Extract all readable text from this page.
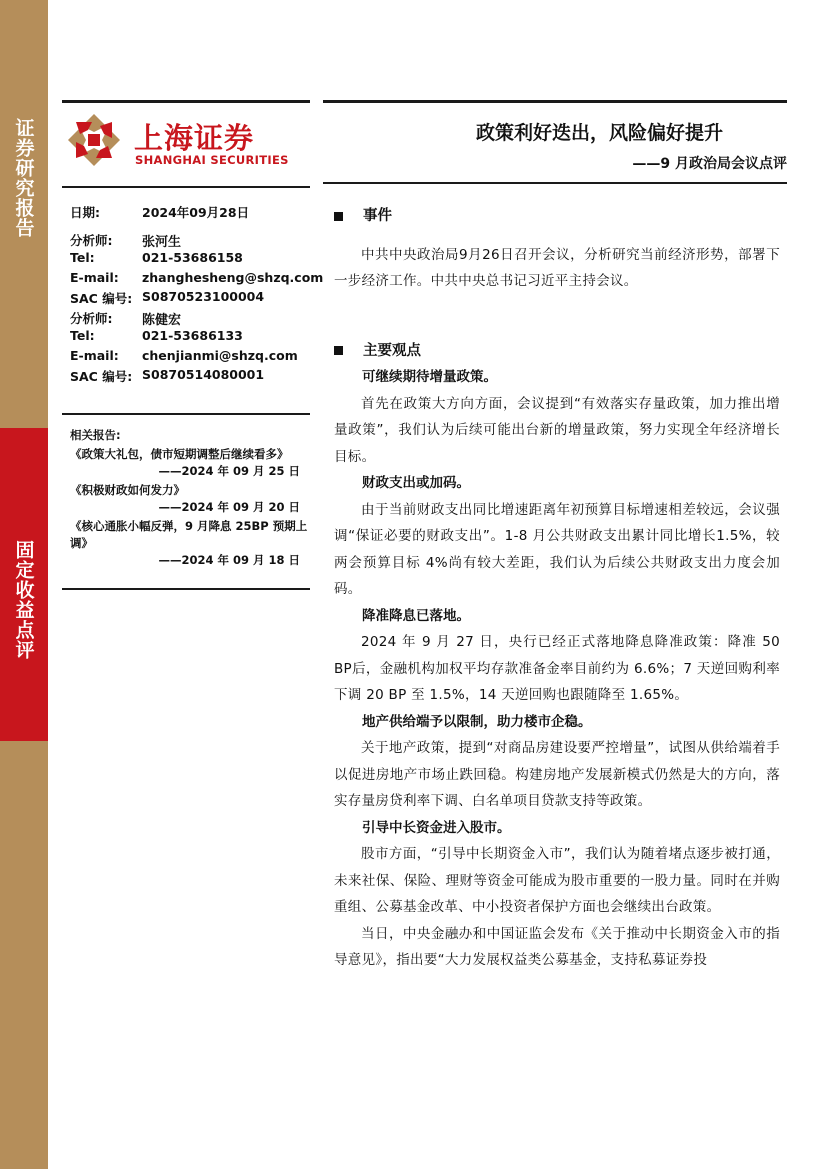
证券研究报告
固定收益点评
上海证券
SHANGHAI SECURITIES
政策利好迭出，风险偏好提升
——9 月政治局会议点评
日期:	2024年09月28日
分析师: 张河生
Tel:	021-53686158
E-mail: zhanghesheng@shzq.com
SAC 编号: S0870523100004
分析师: 陈健宏
Tel:	021-53686133
E-mail: chenjianmi@shzq.com
SAC 编号: S0870514080001
相关报告:
《政策大礼包，债市短期调整后继续看多》
——2024 年 09 月 25 日
《积极财政如何发力》
——2024 年 09 月 20 日
《核心通胀小幅反弹，9 月降息 25BP 预期上调》
——2024 年 09 月 18 日
事件

中共中央政治局9月26日召开会议，分析研究当前经济形势，部署下一步经济工作。中共中央总书记习近平主持会议。

主要观点

可继续期待增量政策。

首先在政策大方向方面，会议提到“有效落实存量政策，加力推出增量政策”，我们认为后续可能出台新的增量政策，努力实现全年经济增长目标。

财政支出或加码。

由于当前财政支出同比增速距离年初预算目标增速相差较远，会议强调“保证必要的财政支出”。1-8 月公共财政支出累计同比增长1.5%，较两会预算目标 4%尚有较大差距，我们认为后续公共财政支出力度会加码。

降准降息已落地。

2024 年 9 月 27 日，央行已经正式落地降息降准政策：降准 50 BP后，金融机构加权平均存款准备金率目前约为 6.6%；7 天逆回购利率下调 20 BP 至 1.5%，14 天逆回购也跟随降至 1.65%。

地产供给端予以限制，助力楼市企稳。

关于地产政策，提到“对商品房建设要严控增量”，试图从供给端着手以促进房地产市场止跌回稳。构建房地产发展新模式仍然是大的方向，落实存量房贷利率下调、白名单项目贷款支持等政策。

引导中长资金进入股市。

股市方面，“引导中长期资金入市”，我们认为随着堵点逐步被打通，未来社保、保险、理财等资金可能成为股市重要的一股力量。同时在并购重组、公募基金改革、中小投资者保护方面也会继续出台政策。

当日，中央金融办和中国证监会发布《关于推动中长期资金入市的指导意见》，指出要“大力发展权益类公募基金，支持私募证券投
